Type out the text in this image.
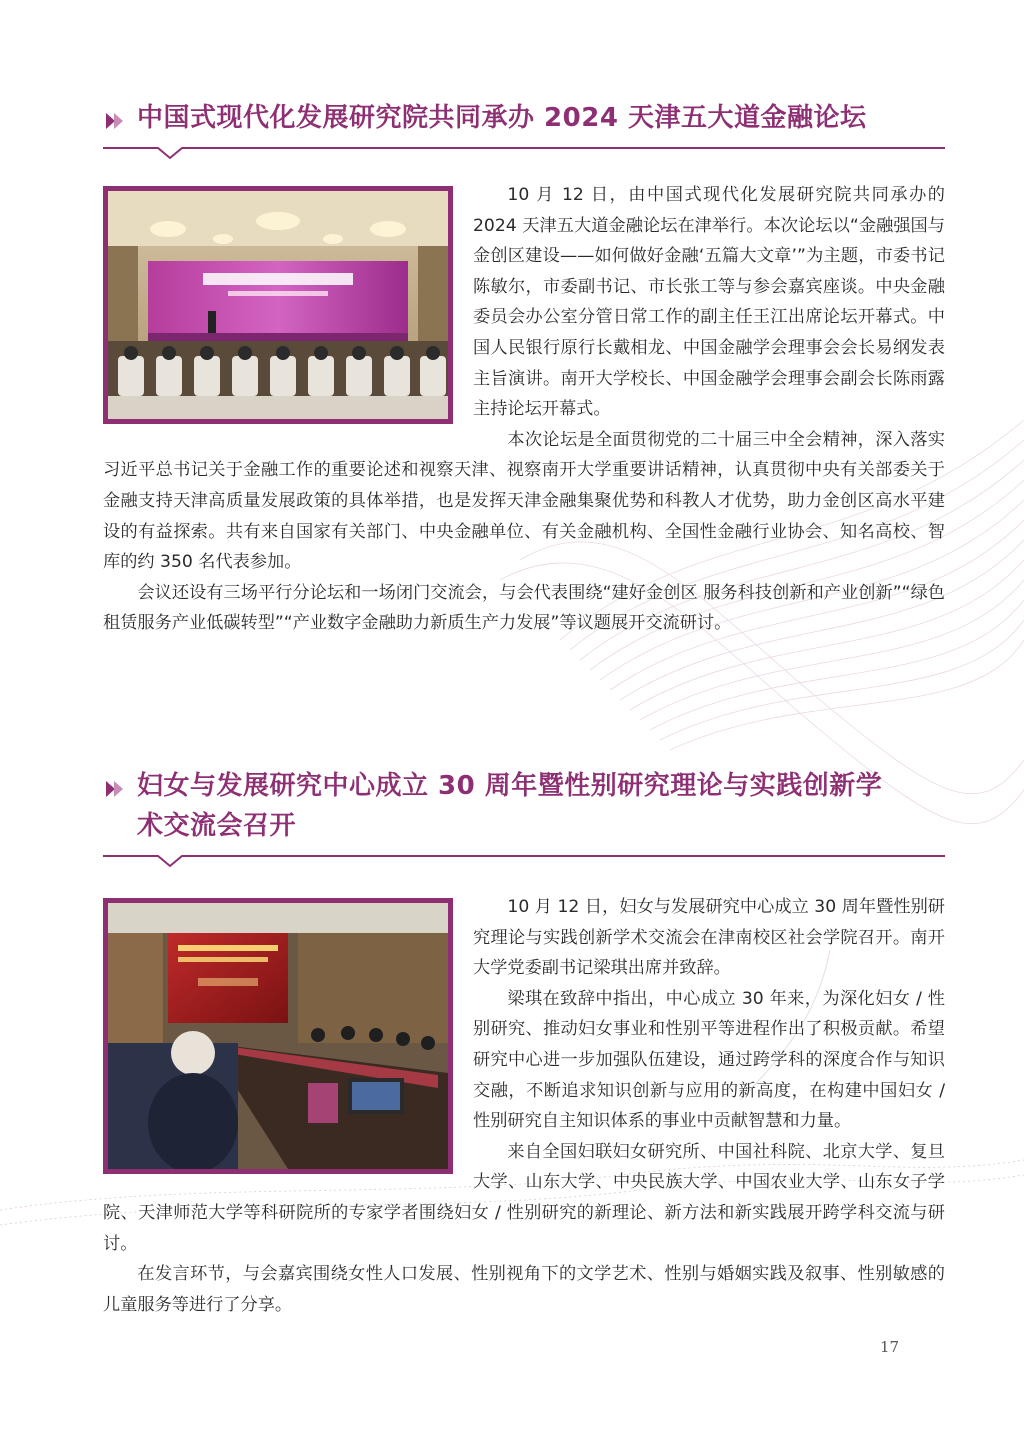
中国式现代化发展研究院共同承办 2024 天津五大道金融论坛

10 月 12 日，由中国式现代化发展研究院共同承办的 2024 天津五大道金融论坛在津举行。本次论坛以“金融强国与金创区建设——如何做好金融‘五篇大文章’”为主题，市委书记陈敏尔，市委副书记、市长张工等与参会嘉宾座谈。中央金融委员会办公室分管日常工作的副主任王江出席论坛开幕式。中国人民银行原行长戴相龙、中国金融学会理事会会长易纲发表主旨演讲。南开大学校长、中国金融学会理事会副会长陈雨露主持论坛开幕式。

本次论坛是全面贯彻党的二十届三中全会精神，深入落实习近平总书记关于金融工作的重要论述和视察天津、视察南开大学重要讲话精神，认真贯彻中央有关部委关于金融支持天津高质量发展政策的具体举措，也是发挥天津金融集聚优势和科教人才优势，助力金创区高水平建设的有益探索。共有来自国家有关部门、中央金融单位、有关金融机构、全国性金融行业协会、知名高校、智库的约 350 名代表参加。

会议还设有三场平行分论坛和一场闭门交流会，与会代表围绕“建好金创区 服务科技创新和产业创新”“绿色租赁服务产业低碳转型”“产业数字金融助力新质生产力发展”等议题展开交流研讨。

妇女与发展研究中心成立 30 周年暨性别研究理论与实践创新学
术交流会召开

10 月 12 日，妇女与发展研究中心成立 30 周年暨性别研究理论与实践创新学术交流会在津南校区社会学院召开。南开大学党委副书记梁琪出席并致辞。

梁琪在致辞中指出，中心成立 30 年来，为深化妇女 / 性别研究、推动妇女事业和性别平等进程作出了积极贡献。希望研究中心进一步加强队伍建设，通过跨学科的深度合作与知识交融，不断追求知识创新与应用的新高度，在构建中国妇女 / 性别研究自主知识体系的事业中贡献智慧和力量。

来自全国妇联妇女研究所、中国社科院、北京大学、复旦大学、山东大学、中央民族大学、中国农业大学、山东女子学院、天津师范大学等科研院所的专家学者围绕妇女 / 性别研究的新理论、新方法和新实践展开跨学科交流与研讨。

在发言环节，与会嘉宾围绕女性人口发展、性别视角下的文学艺术、性别与婚姻实践及叙事、性别敏感的儿童服务等进行了分享。

17
